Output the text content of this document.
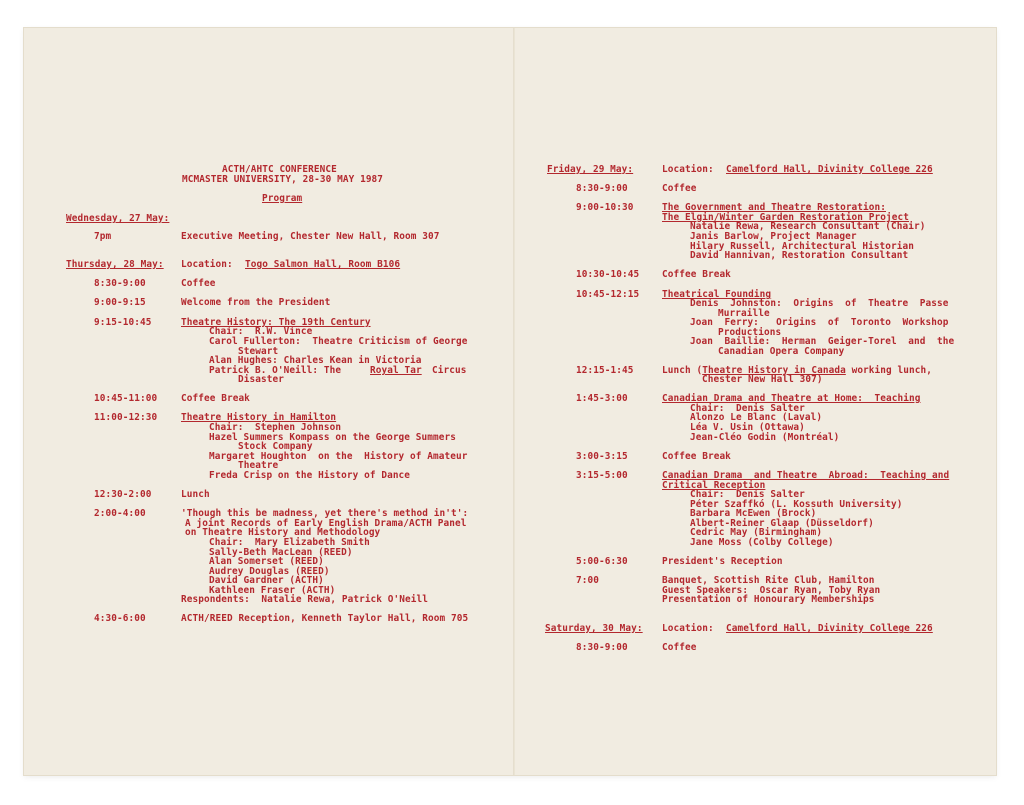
ACTH/AHTC CONFERENCE

MCMASTER UNIVERSITY, 28-30 MAY 1987

Program

Wednesday, 27 May:

7pm	Executive Meeting, Chester New Hall, Room 307

Thursday, 28 May: Location: Togo Salmon Hall, Room B106

8:30-9:00	Coffee

9:00-9:15	Welcome from the President

9:15-10:45	Theatre History: The 19th Century

Chair:  R.W. Vince

Carol Fullerton:  Theatre Criticism of George

Stewart

Alan Hughes: Charles Kean in Victoria

Patrick B. O'Neill: The	Royal Tar Circus

Disaster

10:45-11:00	Coffee Break

11:00-12:30	Theatre History in Hamilton

Chair:  Stephen Johnson

Hazel Summers Kompass on the George Summers

Stock Company

Margaret Houghton  on the  History of Amateur

Theatre

Freda Crisp on the History of Dance

12:30-2:00	Lunch

2:00-4:00	'Though this be madness, yet there's method in't':

A joint Records of Early English Drama/ACTH Panel

on Theatre History and Methodology

Chair:  Mary Elizabeth Smith

Sally-Beth MacLean (REED)

Alan Somerset (REED)

Audrey Douglas (REED)

David Gardner (ACTH)

Kathleen Fraser (ACTH)

Respondents:  Natalie Rewa, Patrick O'Neill

4:30-6:00	ACTH/REED Reception, Kenneth Taylor Hall, Room 705

Friday, 29 May:	Location: Camelford Hall, Divinity College 226

8:30-9:00	Coffee

9:00-10:30	The Government and Theatre Restoration:

The Elgin/Winter Garden Restoration Project

Natalie Rewa, Research Consultant (Chair)

Janis Barlow, Project Manager

Hilary Russell, Architectural Historian

David Hannivan, Restoration Consultant

10:30-10:45 Coffee Break

10:45-12:15 Theatrical Founding

Denis  Johnston:  Origins  of  Theatre  Passe

Murraille

Joan  Ferry:   Origins  of  Toronto  Workshop

Productions

Joan  Baillie:  Herman  Geiger-Torel  and  the

Canadian Opera Company

12:15-1:45	Lunch (Theatre History in Canada working lunch,

Chester New Hall 307)

1:45-3:00	Canadian Drama and Theatre at Home:  Teaching

Chair:  Denis Salter

Alonzo Le Blanc (Laval)

Léa V. Usin (Ottawa)

Jean-Cléo Godin (Montréal)

3:00-3:15	Coffee Break

3:15-5:00	Canadian Drama  and Theatre  Abroad:  Teaching and

Critical Reception

Chair:  Denis Salter

Péter Szaffkó (L. Kossuth University)

Barbara McEwen (Brock)

Albert-Reiner Glaap (Düsseldorf)

Cedric May (Birmingham)

Jane Moss (Colby College)

5:00-6:30	President's Reception

7:00	Banquet, Scottish Rite Club, Hamilton

Guest Speakers:  Oscar Ryan, Toby Ryan

Presentation of Honourary Memberships

Saturday, 30 May: Location: Camelford Hall, Divinity College 226

8:30-9:00	Coffee
